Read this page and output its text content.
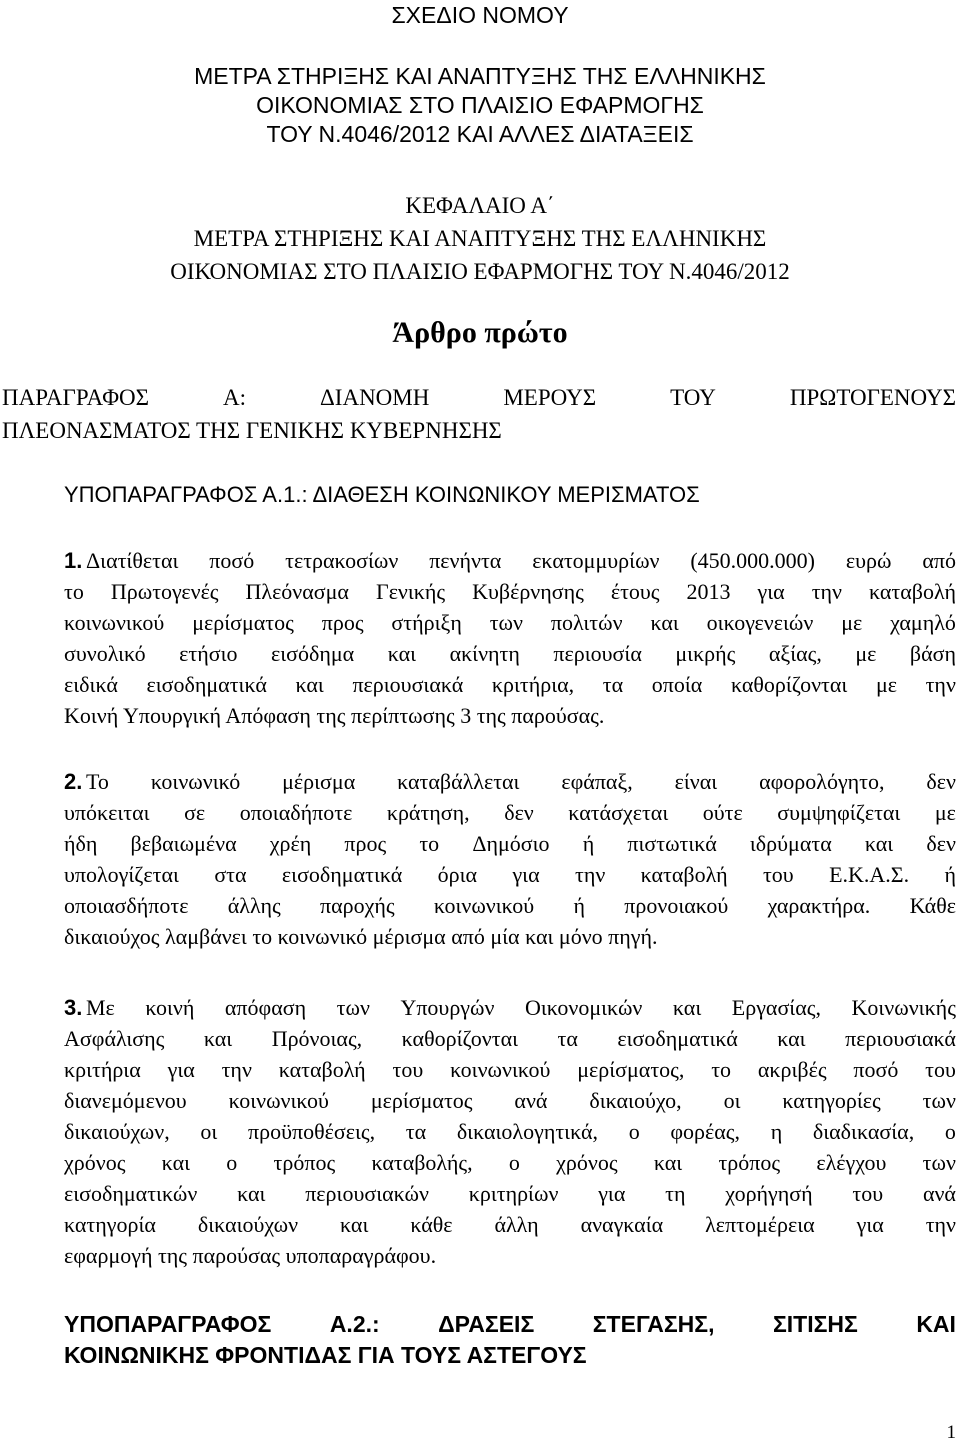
ΣΧΕΔΙΟ ΝΟΜΟΥ
ΜΕΤΡΑ ΣΤΗΡΙΞΗΣ ΚΑΙ ΑΝΑΠΤΥΞΗΣ ΤΗΣ ΕΛΛΗΝΙΚΗΣ
ΟΙΚΟΝΟΜΙΑΣ ΣΤΟ ΠΛΑΙΣΙΟ ΕΦΑΡΜΟΓΗΣ
ΤΟΥ Ν.4046/2012 ΚΑΙ ΑΛΛΕΣ ΔΙΑΤΑΞΕΙΣ
ΚΕΦΑΛΑΙΟ Α΄
ΜΕΤΡΑ ΣΤΗΡΙΞΗΣ ΚΑΙ ΑΝΑΠΤΥΞΗΣ ΤΗΣ ΕΛΛΗΝΙΚΗΣ
ΟΙΚΟΝΟΜΙΑΣ ΣΤΟ ΠΛΑΙΣΙΟ ΕΦΑΡΜΟΓΗΣ ΤΟΥ Ν.4046/2012
Άρθρο πρώτο
ΠΑΡΑΓΡΑΦΟΣ	Α:	ΔΙΑΝΟΜΗ	ΜΕΡΟΥΣ	ΤΟΥ	ΠΡΩΤΟΓΕΝΟΥΣ
ΠΛΕΟΝΑΣΜΑΤΟΣ ΤΗΣ ΓΕΝΙΚΗΣ ΚΥΒΕΡΝΗΣΗΣ
ΥΠΟΠΑΡΑΓΡΑΦΟΣ Α.1.: ΔΙΑΘΕΣΗ ΚΟΙΝΩΝΙΚΟΥ ΜΕΡΙΣΜΑΤΟΣ
1. Διατίθεται ποσό τετρακοσίων πενήντα εκατομμυρίων (450.000.000) ευρώ από
το Πρωτογενές Πλεόνασμα Γενικής Κυβέρνησης έτους 2013 για την καταβολή
κοινωνικού μερίσματος προς στήριξη των πολιτών και οικογενειών με χαμηλό
συνολικό ετήσιο εισόδημα και ακίνητη περιουσία μικρής αξίας, με βάση
ειδικά εισοδηματικά και περιουσιακά κριτήρια, τα οποία καθορίζονται με την
Κοινή Υπουργική Απόφαση της περίπτωσης 3 της παρούσας.
2. Το κοινωνικό μέρισμα καταβάλλεται εφάπαξ, είναι αφορολόγητο, δεν
υπόκειται σε οποιαδήποτε κράτηση, δεν κατάσχεται ούτε συμψηφίζεται με
ήδη βεβαιωμένα χρέη προς το Δημόσιο ή πιστωτικά ιδρύματα και δεν
υπολογίζεται στα εισοδηματικά όρια για την καταβολή του Ε.Κ.Α.Σ. ή
οποιασδήποτε άλλης παροχής κοινωνικού ή προνοιακού χαρακτήρα. Κάθε
δικαιούχος λαμβάνει το κοινωνικό μέρισμα από μία και μόνο πηγή.
3. Με κοινή απόφαση των Υπουργών Οικονομικών και Εργασίας, Κοινωνικής
Ασφάλισης και Πρόνοιας, καθορίζονται τα εισοδηματικά και περιουσιακά
κριτήρια για την καταβολή του κοινωνικού μερίσματος, το ακριβές ποσό του
διανεμόμενου κοινωνικού μερίσματος ανά δικαιούχο, οι κατηγορίες των
δικαιούχων, οι προϋποθέσεις, τα δικαιολογητικά, ο φορέας, η διαδικασία, ο
χρόνος και ο τρόπος καταβολής, ο χρόνος και τρόπος ελέγχου των
εισοδηματικών και περιουσιακών κριτηρίων για τη χορήγησή του ανά
κατηγορία δικαιούχων και κάθε άλλη αναγκαία λεπτομέρεια για την
εφαρμογή της παρούσας υποπαραγράφου.
ΥΠΟΠΑΡΑΓΡΑΦΟΣ	Α.2.:	ΔΡΑΣΕΙΣ	ΣΤΕΓΑΣΗΣ,	ΣΙΤΙΣΗΣ	ΚΑΙ
ΚΟΙΝΩΝΙΚΗΣ ΦΡΟΝΤΙΔΑΣ ΓΙΑ ΤΟΥΣ ΑΣΤΕΓΟΥΣ
1
